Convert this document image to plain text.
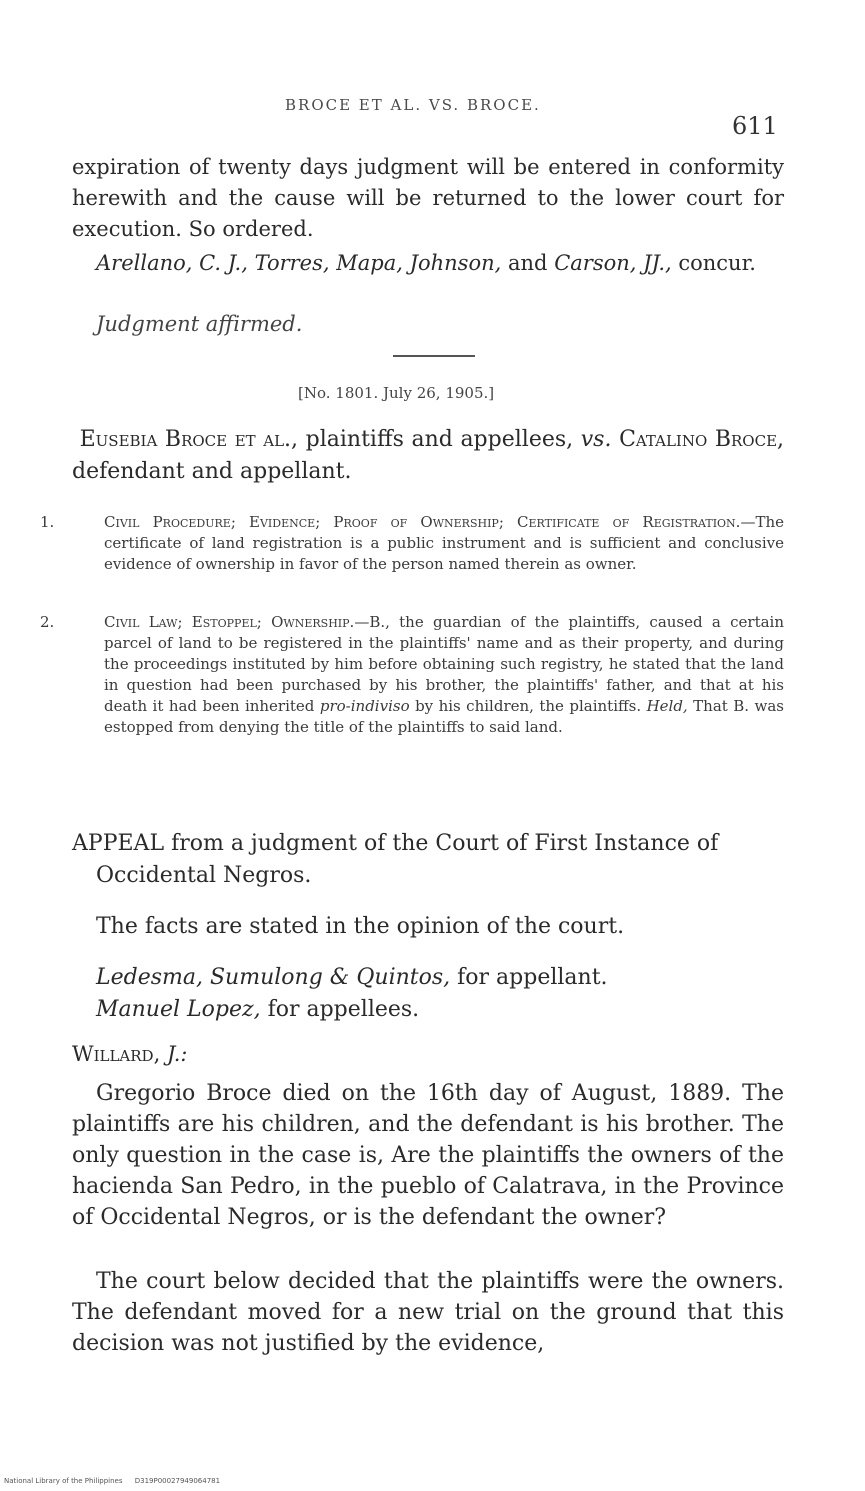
BROCE ET AL. VS. BROCE.
611

expiration of twenty days judgment will be entered in conformity herewith and the cause will be returned to the lower court for execution. So ordered.

Arellano, C. J., Torres, Mapa, Johnson, and Carson, JJ., concur.

Judgment affirmed.
[No. 1801. July 26, 1905.]
Eusebia Broce et al., plaintiffs and appellees, vs. Catalino Broce, defendant and appellant.
1.	Civil Procedure; Evidence; Proof of Ownership; Certificate of Registration.—The certificate of land registration is a public instrument and is sufficient and conclusive evidence of ownership in favor of the person named therein as owner.
2.	Civil Law; Estoppel; Ownership.—B., the guardian of the plaintiffs, caused a certain parcel of land to be registered in the plaintiffs' name and as their property, and during the proceedings instituted by him before obtaining such registry, he stated that the land in question had been purchased by his brother, the plaintiffs' father, and that at his death it had been inherited pro-indiviso by his children, the plaintiffs. Held, That B. was estopped from denying the title of the plaintiffs to said land.
APPEAL from a judgment of the Court of First Instance of Occidental Negros.
The facts are stated in the opinion of the court.
Ledesma, Sumulong & Quintos, for appellant.
Manuel Lopez, for appellees.
Willard, J.:

Gregorio Broce died on the 16th day of August, 1889. The plaintiffs are his children, and the defendant is his brother. The only question in the case is, Are the plaintiffs the owners of the hacienda San Pedro, in the pueblo of Calatrava, in the Province of Occidental Negros, or is the defendant the owner?

The court below decided that the plaintiffs were the owners. The defendant moved for a new trial on the ground that this decision was not justified by the evidence,

National Library of the Philippines D319P00027949064781
